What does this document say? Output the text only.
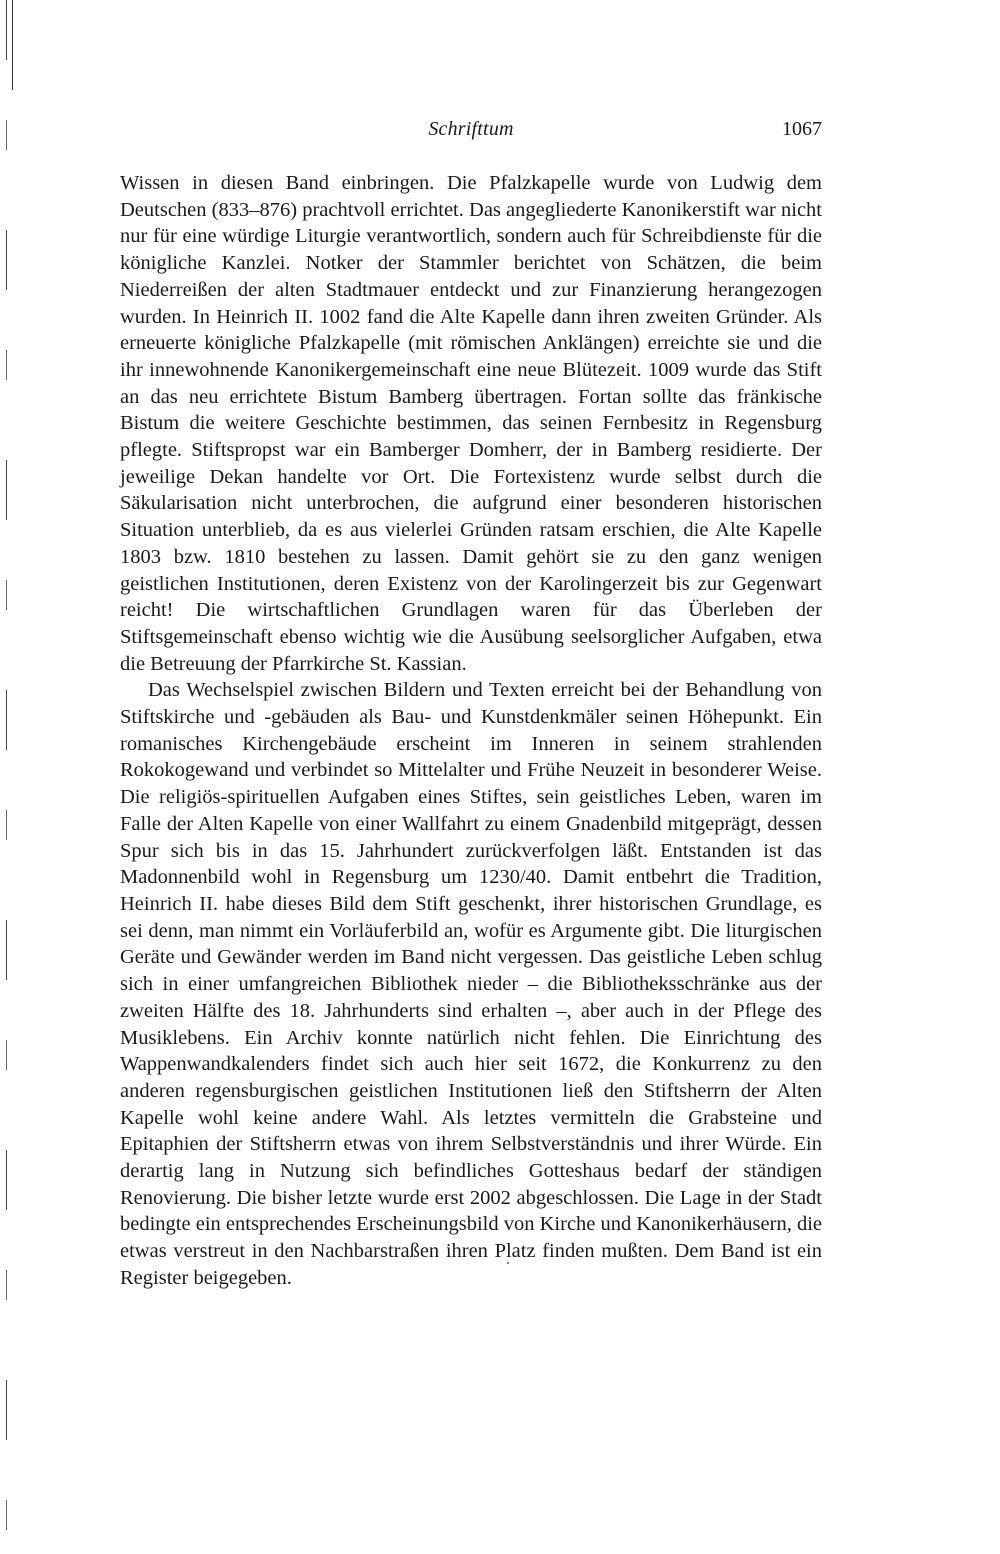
Schrifttum	1067

Wissen in diesen Band einbringen. Die Pfalzkapelle wurde von Ludwig dem Deutschen (833–876) prachtvoll errichtet. Das angegliederte Kanonikerstift war nicht nur für eine würdige Liturgie verantwortlich, sondern auch für Schreibdienste für die königliche Kanzlei. Notker der Stammler berichtet von Schätzen, die beim Niederreißen der alten Stadtmauer entdeckt und zur Finanzierung herangezogen wurden. In Heinrich II. 1002 fand die Alte Kapelle dann ihren zweiten Gründer. Als erneuerte königliche Pfalzkapelle (mit römischen Anklängen) erreichte sie und die ihr innewohnende Kanonikergemeinschaft eine neue Blütezeit. 1009 wurde das Stift an das neu errichtete Bistum Bamberg übertragen. Fortan sollte das fränkische Bistum die weitere Geschichte bestimmen, das seinen Fernbesitz in Regensburg pflegte. Stiftspropst war ein Bamberger Domherr, der in Bamberg residierte. Der jeweilige Dekan handelte vor Ort. Die Fortexistenz wurde selbst durch die Säkularisation nicht unterbrochen, die aufgrund einer besonderen historischen Situation unterblieb, da es aus vielerlei Gründen ratsam erschien, die Alte Kapelle 1803 bzw. 1810 bestehen zu lassen. Damit gehört sie zu den ganz wenigen geistlichen Institutionen, deren Existenz von der Karolingerzeit bis zur Gegenwart reicht! Die wirtschaftlichen Grundlagen waren für das Überleben der Stiftsgemeinschaft ebenso wichtig wie die Ausübung seelsorglicher Aufgaben, etwa die Betreuung der Pfarrkirche St. Kassian.

Das Wechselspiel zwischen Bildern und Texten erreicht bei der Behandlung von Stiftskirche und -gebäuden als Bau- und Kunstdenkmäler seinen Höhepunkt. Ein romanisches Kirchengebäude erscheint im Inneren in seinem strahlenden Rokokogewand und verbindet so Mittelalter und Frühe Neuzeit in besonderer Weise. Die religiös-spirituellen Aufgaben eines Stiftes, sein geistliches Leben, waren im Falle der Alten Kapelle von einer Wallfahrt zu einem Gnadenbild mitgeprägt, dessen Spur sich bis in das 15. Jahrhundert zurückverfolgen läßt. Entstanden ist das Madonnenbild wohl in Regensburg um 1230/40. Damit entbehrt die Tradition, Heinrich II. habe dieses Bild dem Stift geschenkt, ihrer historischen Grundlage, es sei denn, man nimmt ein Vorläuferbild an, wofür es Argumente gibt. Die liturgischen Geräte und Gewänder werden im Band nicht vergessen. Das geistliche Leben schlug sich in einer umfangreichen Bibliothek nieder – die Bibliotheksschränke aus der zweiten Hälfte des 18. Jahrhunderts sind erhalten –, aber auch in der Pflege des Musiklebens. Ein Archiv konnte natürlich nicht fehlen. Die Einrichtung des Wappenwandkalenders findet sich auch hier seit 1672, die Konkurrenz zu den anderen regensburgischen geistlichen Institutionen ließ den Stiftsherrn der Alten Kapelle wohl keine andere Wahl. Als letztes vermitteln die Grabsteine und Epitaphien der Stiftsherrn etwas von ihrem Selbstverständnis und ihrer Würde. Ein derartig lang in Nutzung sich befindliches Gotteshaus bedarf der ständigen Renovierung. Die bisher letzte wurde erst 2002 abgeschlossen. Die Lage in der Stadt bedingte ein entsprechendes Erscheinungsbild von Kirche und Kanonikerhäusern, die etwas verstreut in den Nachbarstraßen ihren Platz finden mußten. Dem Band ist ein Register beigegeben.
